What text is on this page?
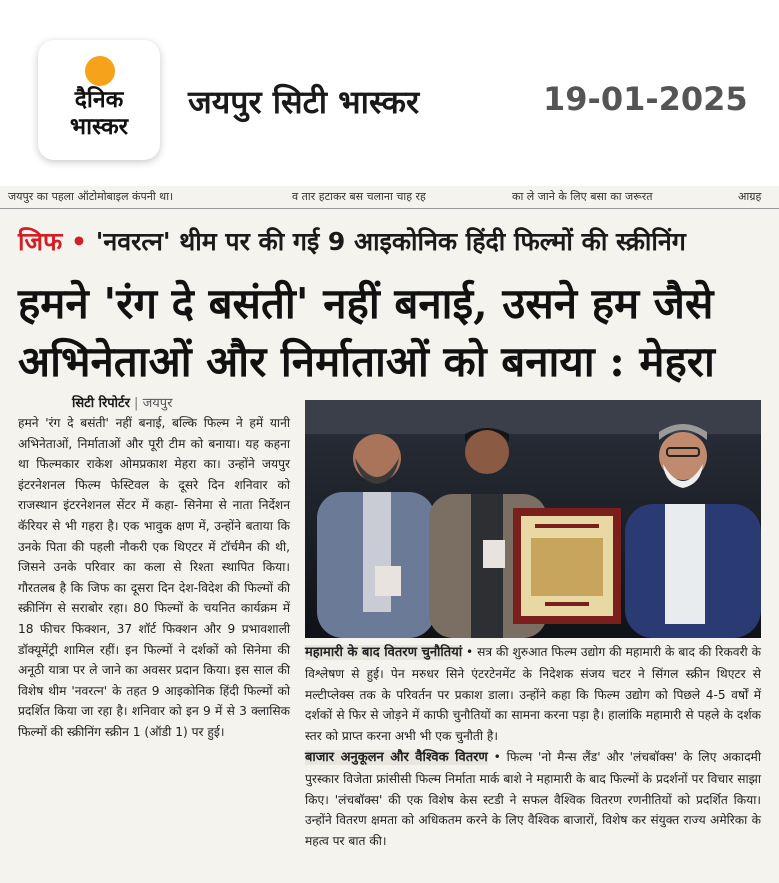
दैनिक
भास्कर
जयपुर सिटी भास्कर	19-01-2025
जयपुर का पहला ऑटोमोबाइल कंपनी था।	व तार हटाकर बस चलाना चाह रह	का ले जाने के लिए बसा का जरूरत	आग्रह
जिफ • 'नवरत्न' थीम पर की गई 9 आइकोनिक हिंदी फिल्मों की स्क्रीनिंग
हमने 'रंग दे बसंती' नहीं बनाई, उसने हम जैसे
अभिनेताओं और निर्माताओं को बनाया : मेहरा
सिटी रिपोर्टर | जयपुर
हमने 'रंग दे बसंती' नहीं बनाई, बल्कि फिल्म ने हमें यानी अभिनेताओं, निर्माताओं और पूरी टीम को बनाया। यह कहना था फिल्मकार राकेश ओमप्रकाश मेहरा का। उन्होंने जयपुर इंटरनेशनल फिल्म फेस्टिवल के दूसरे दिन शनिवार को राजस्थान इंटरनेशनल सेंटर में कहा- सिनेमा से नाता निर्देशन कॅरियर से भी गहरा है। एक भावुक क्षण में, उन्होंने बताया कि उनके पिता की पहली नौकरी एक थिएटर में टॉर्चमैन की थी, जिसने उनके परिवार का कला से रिश्ता स्थापित किया। गौरतलब है कि जिफ का दूसरा दिन देश-विदेश की फिल्मों की स्क्रीनिंग से सराबोर रहा। 80 फिल्मों के चयनित कार्यक्रम में 18 फीचर फिक्शन, 37 शॉर्ट फिक्शन और 9 प्रभावशाली डॉक्यूमेंट्री शामिल रहीं। इन फिल्मों ने दर्शकों को सिनेमा की अनूठी यात्रा पर ले जाने का अवसर प्रदान किया। इस साल की विशेष थीम 'नवरत्न' के तहत 9 आइकोनिक हिंदी फिल्मों को प्रदर्शित किया जा रहा है। शनिवार को इन 9 में से 3 क्लासिक फिल्मों की स्क्रीनिंग स्क्रीन 1 (ऑडी 1) पर हुई।
महामारी के बाद वितरण चुनौतियां • सत्र की शुरुआत फिल्म उद्योग की महामारी के बाद की रिकवरी के विश्लेषण से हुई। पेन मरुधर सिने एंटरटेनमेंट के निदेशक संजय चटर ने सिंगल स्क्रीन थिएटर से मल्टीप्लेक्स तक के परिवर्तन पर प्रकाश डाला। उन्होंने कहा कि फिल्म उद्योग को पिछले 4-5 वर्षों में दर्शकों से फिर से जोड़ने में काफी चुनौतियों का सामना करना पड़ा है। हालांकि महामारी से पहले के दर्शक स्तर को प्राप्त करना अभी भी एक चुनौती है।
बाजार अनुकूलन और वैश्विक वितरण • फिल्म 'नो मैन्स लैंड' और 'लंचबॉक्स' के लिए अकादमी पुरस्कार विजेता फ्रांसीसी फिल्म निर्माता मार्क बाशे ने महामारी के बाद फिल्मों के प्रदर्शनों पर विचार साझा किए। 'लंचबॉक्स' की एक विशेष केस स्टडी ने सफल वैश्विक वितरण रणनीतियों को प्रदर्शित किया। उन्होंने वितरण क्षमता को अधिकतम करने के लिए वैश्विक बाजारों, विशेष कर संयुक्त राज्य अमेरिका के महत्व पर बात की।
